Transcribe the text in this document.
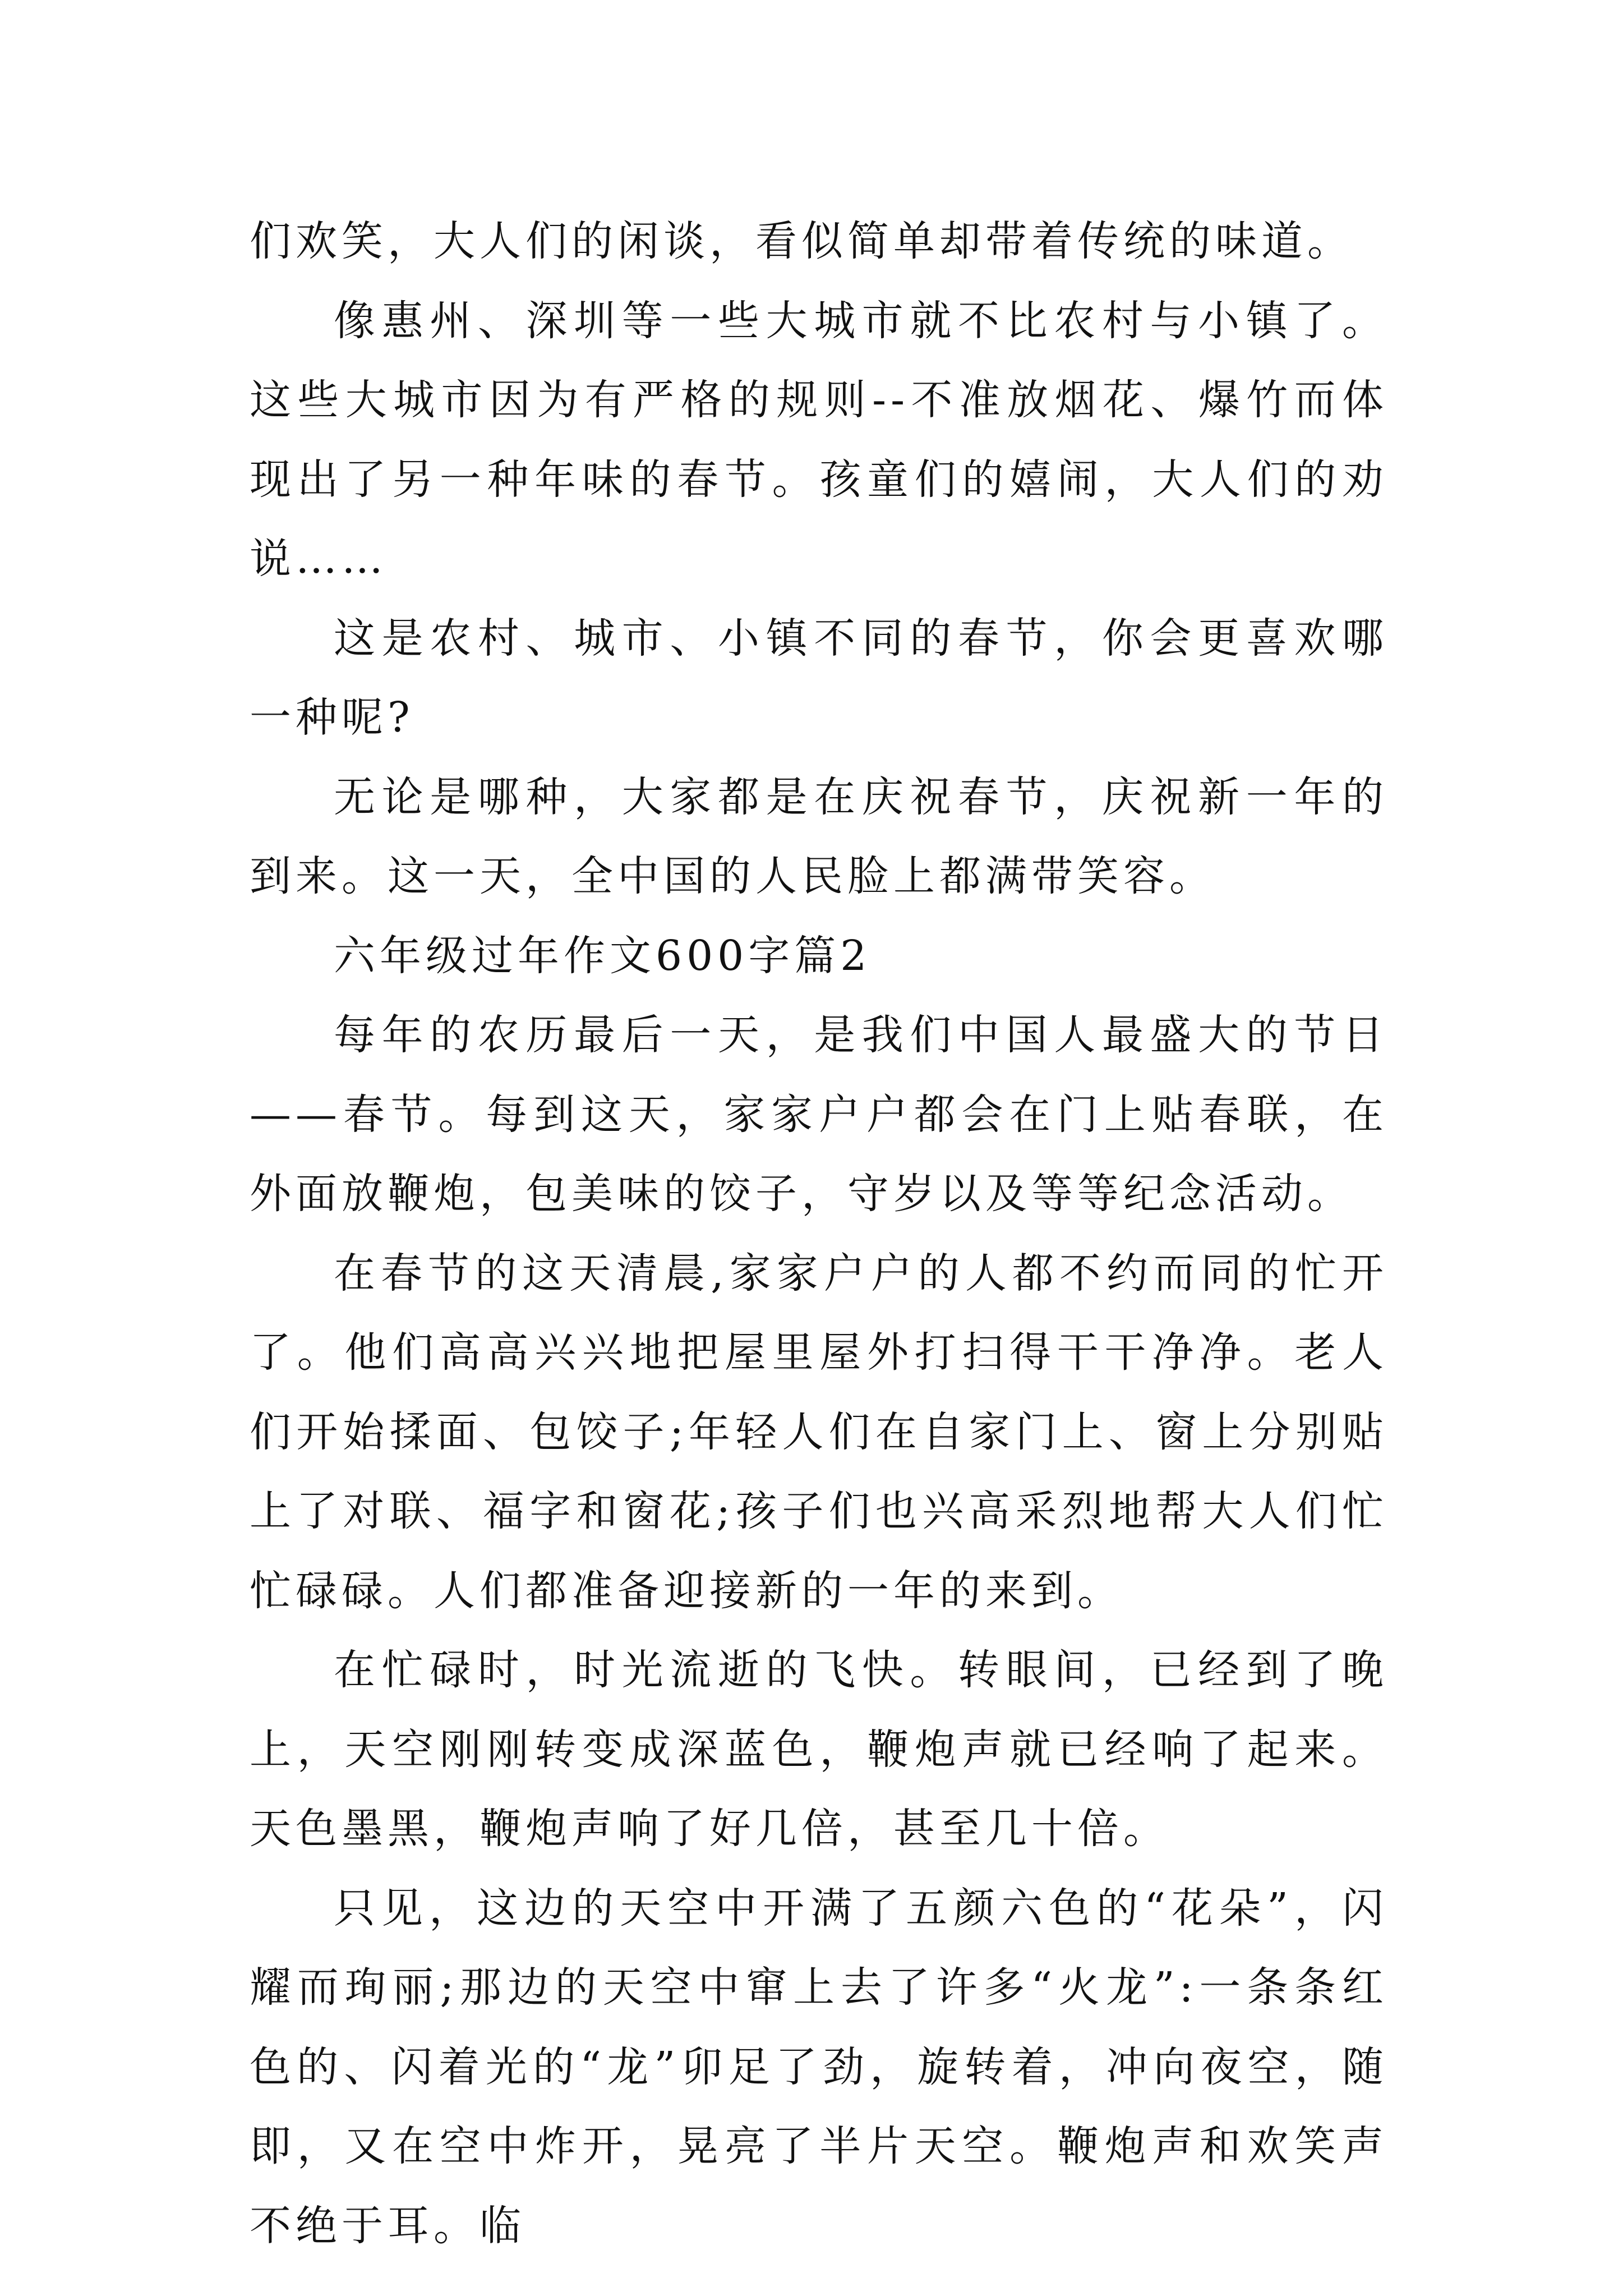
们欢笑，大人们的闲谈，看似简单却带着传统的味道。

像惠州、深圳等一些大城市就不比农村与小镇了。这些大城市因为有严格的规则--不准放烟花、爆竹而体现出了另一种年味的春节。孩童们的嬉闹，大人们的劝说……

这是农村、城市、小镇不同的春节，你会更喜欢哪一种呢?

无论是哪种，大家都是在庆祝春节，庆祝新一年的到来。这一天，全中国的人民脸上都满带笑容。

六年级过年作文600字篇2

每年的农历最后一天，是我们中国人最盛大的节日——春节。每到这天，家家户户都会在门上贴春联，在外面放鞭炮，包美味的饺子，守岁以及等等纪念活动。

在春节的这天清晨,家家户户的人都不约而同的忙开了。他们高高兴兴地把屋里屋外打扫得干干净净。老人们开始揉面、包饺子;年轻人们在自家门上、窗上分别贴上了对联、福字和窗花;孩子们也兴高采烈地帮大人们忙忙碌碌。人们都准备迎接新的一年的来到。

在忙碌时，时光流逝的飞快。转眼间，已经到了晚上，天空刚刚转变成深蓝色，鞭炮声就已经响了起来。天色墨黑，鞭炮声响了好几倍，甚至几十倍。

只见，这边的天空中开满了五颜六色的“花朵”，闪耀而珣丽;那边的天空中窜上去了许多“火龙”:一条条红色的、闪着光的“龙”卯足了劲，旋转着，冲向夜空，随即，又在空中炸开，晃亮了半片天空。鞭炮声和欢笑声不绝于耳。临
